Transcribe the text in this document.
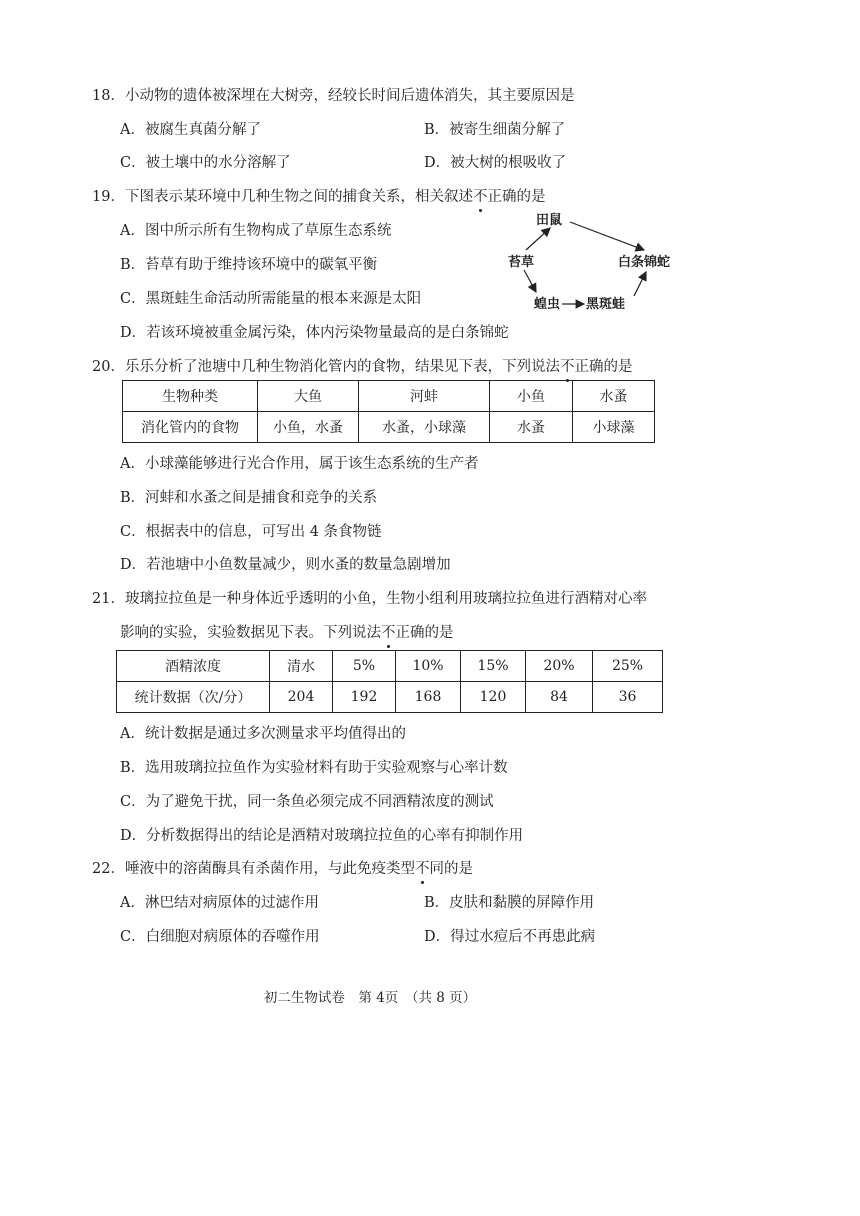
18．小动物的遗体被深埋在大树旁，经较长时间后遗体消失，其主要原因是
A．被腐生真菌分解了	B．被寄生细菌分解了
C．被土壤中的水分溶解了	D．被大树的根吸收了
19．下图表示某环境中几种生物之间的捕食关系，相关叙述不正确的是
A．图中所示所有生物构成了草原生态系统
B．苔草有助于维持该环境中的碳氧平衡
C．黑斑蛙生命活动所需能量的根本来源是太阳
D．若该环境被重金属污染，体内污染物量最高的是白条锦蛇
田鼠
苔草	白条锦蛇
蝗虫 黑斑蛙
20．乐乐分析了池塘中几种生物消化管内的食物，结果见下表，下列说法不正确的是
生物种类	大鱼	河蚌	小鱼	水蚤
消化管内的食物	小鱼，水蚤	水蚤，小球藻	水蚤	小球藻
A．小球藻能够进行光合作用，属于该生态系统的生产者
B．河蚌和水蚤之间是捕食和竞争的关系
C．根据表中的信息，可写出 4 条食物链
D．若池塘中小鱼数量减少，则水蚤的数量急剧增加
21．玻璃拉拉鱼是一种身体近乎透明的小鱼，生物小组利用玻璃拉拉鱼进行酒精对心率
影响的实验，实验数据见下表。下列说法不正确的是
酒精浓度	清水	5%	10%	15%	20%	25%
统计数据（次/分）	204	192	168	120	84	36
A．统计数据是通过多次测量求平均值得出的
B．选用玻璃拉拉鱼作为实验材料有助于实验观察与心率计数
C．为了避免干扰，同一条鱼必须完成不同酒精浓度的测试
D．分析数据得出的结论是酒精对玻璃拉拉鱼的心率有抑制作用
22．唾液中的溶菌酶具有杀菌作用，与此免疫类型不同的是
A．淋巴结对病原体的过滤作用	B．皮肤和黏膜的屏障作用
C．白细胞对病原体的吞噬作用	D．得过水痘后不再患此病
初二生物试卷　第 4页　（共 8 页）
